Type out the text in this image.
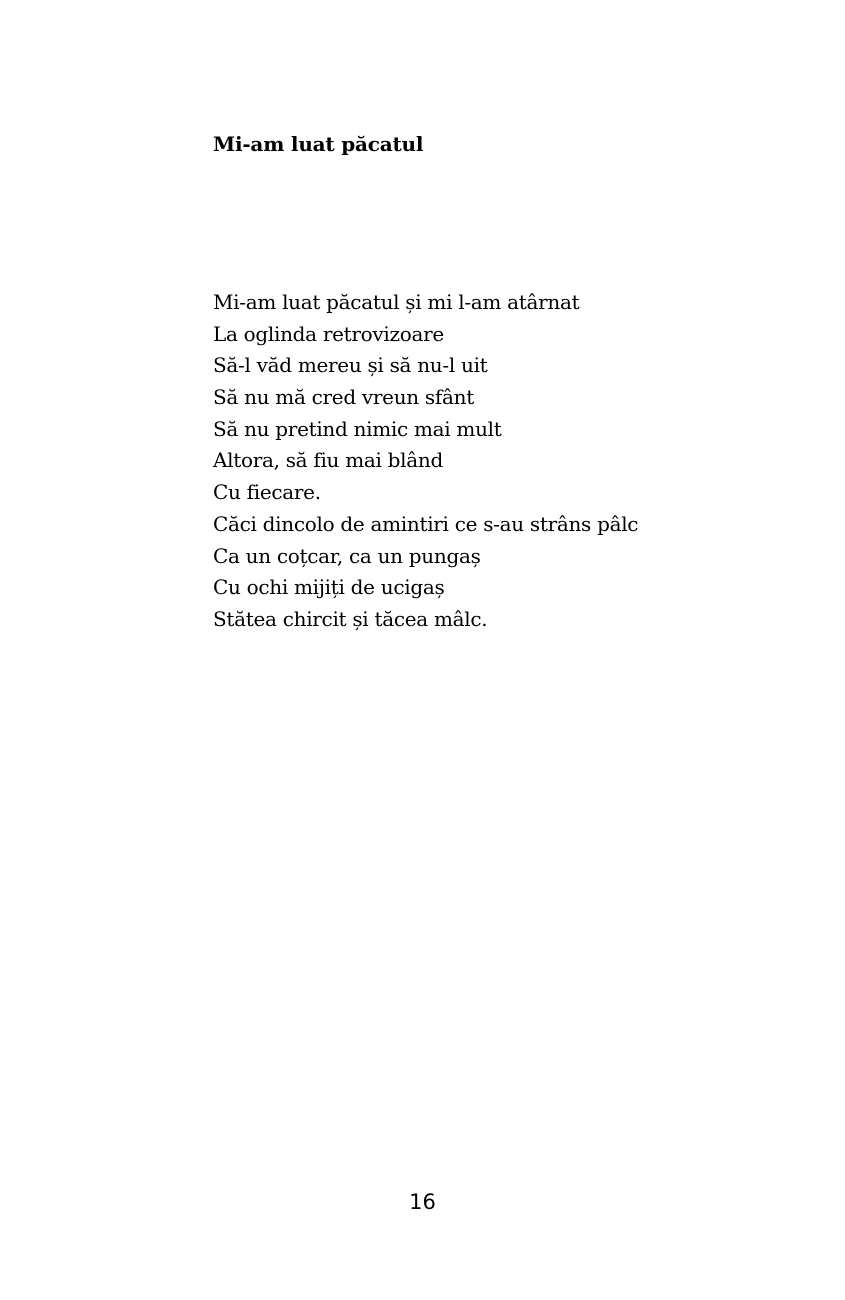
Mi-am luat păcatul
Mi-am luat păcatul și mi l-am atârnat
La oglinda retrovizoare
Să-l văd mereu și să nu-l uit
Să nu mă cred vreun sfânt
Să nu pretind nimic mai mult
Altora, să fiu mai blând
Cu fiecare.
Căci dincolo de amintiri ce s-au strâns pâlc
Ca un coțcar, ca un pungaș
Cu ochi mijiți de ucigaș
Stătea chircit și tăcea mâlc.
16
